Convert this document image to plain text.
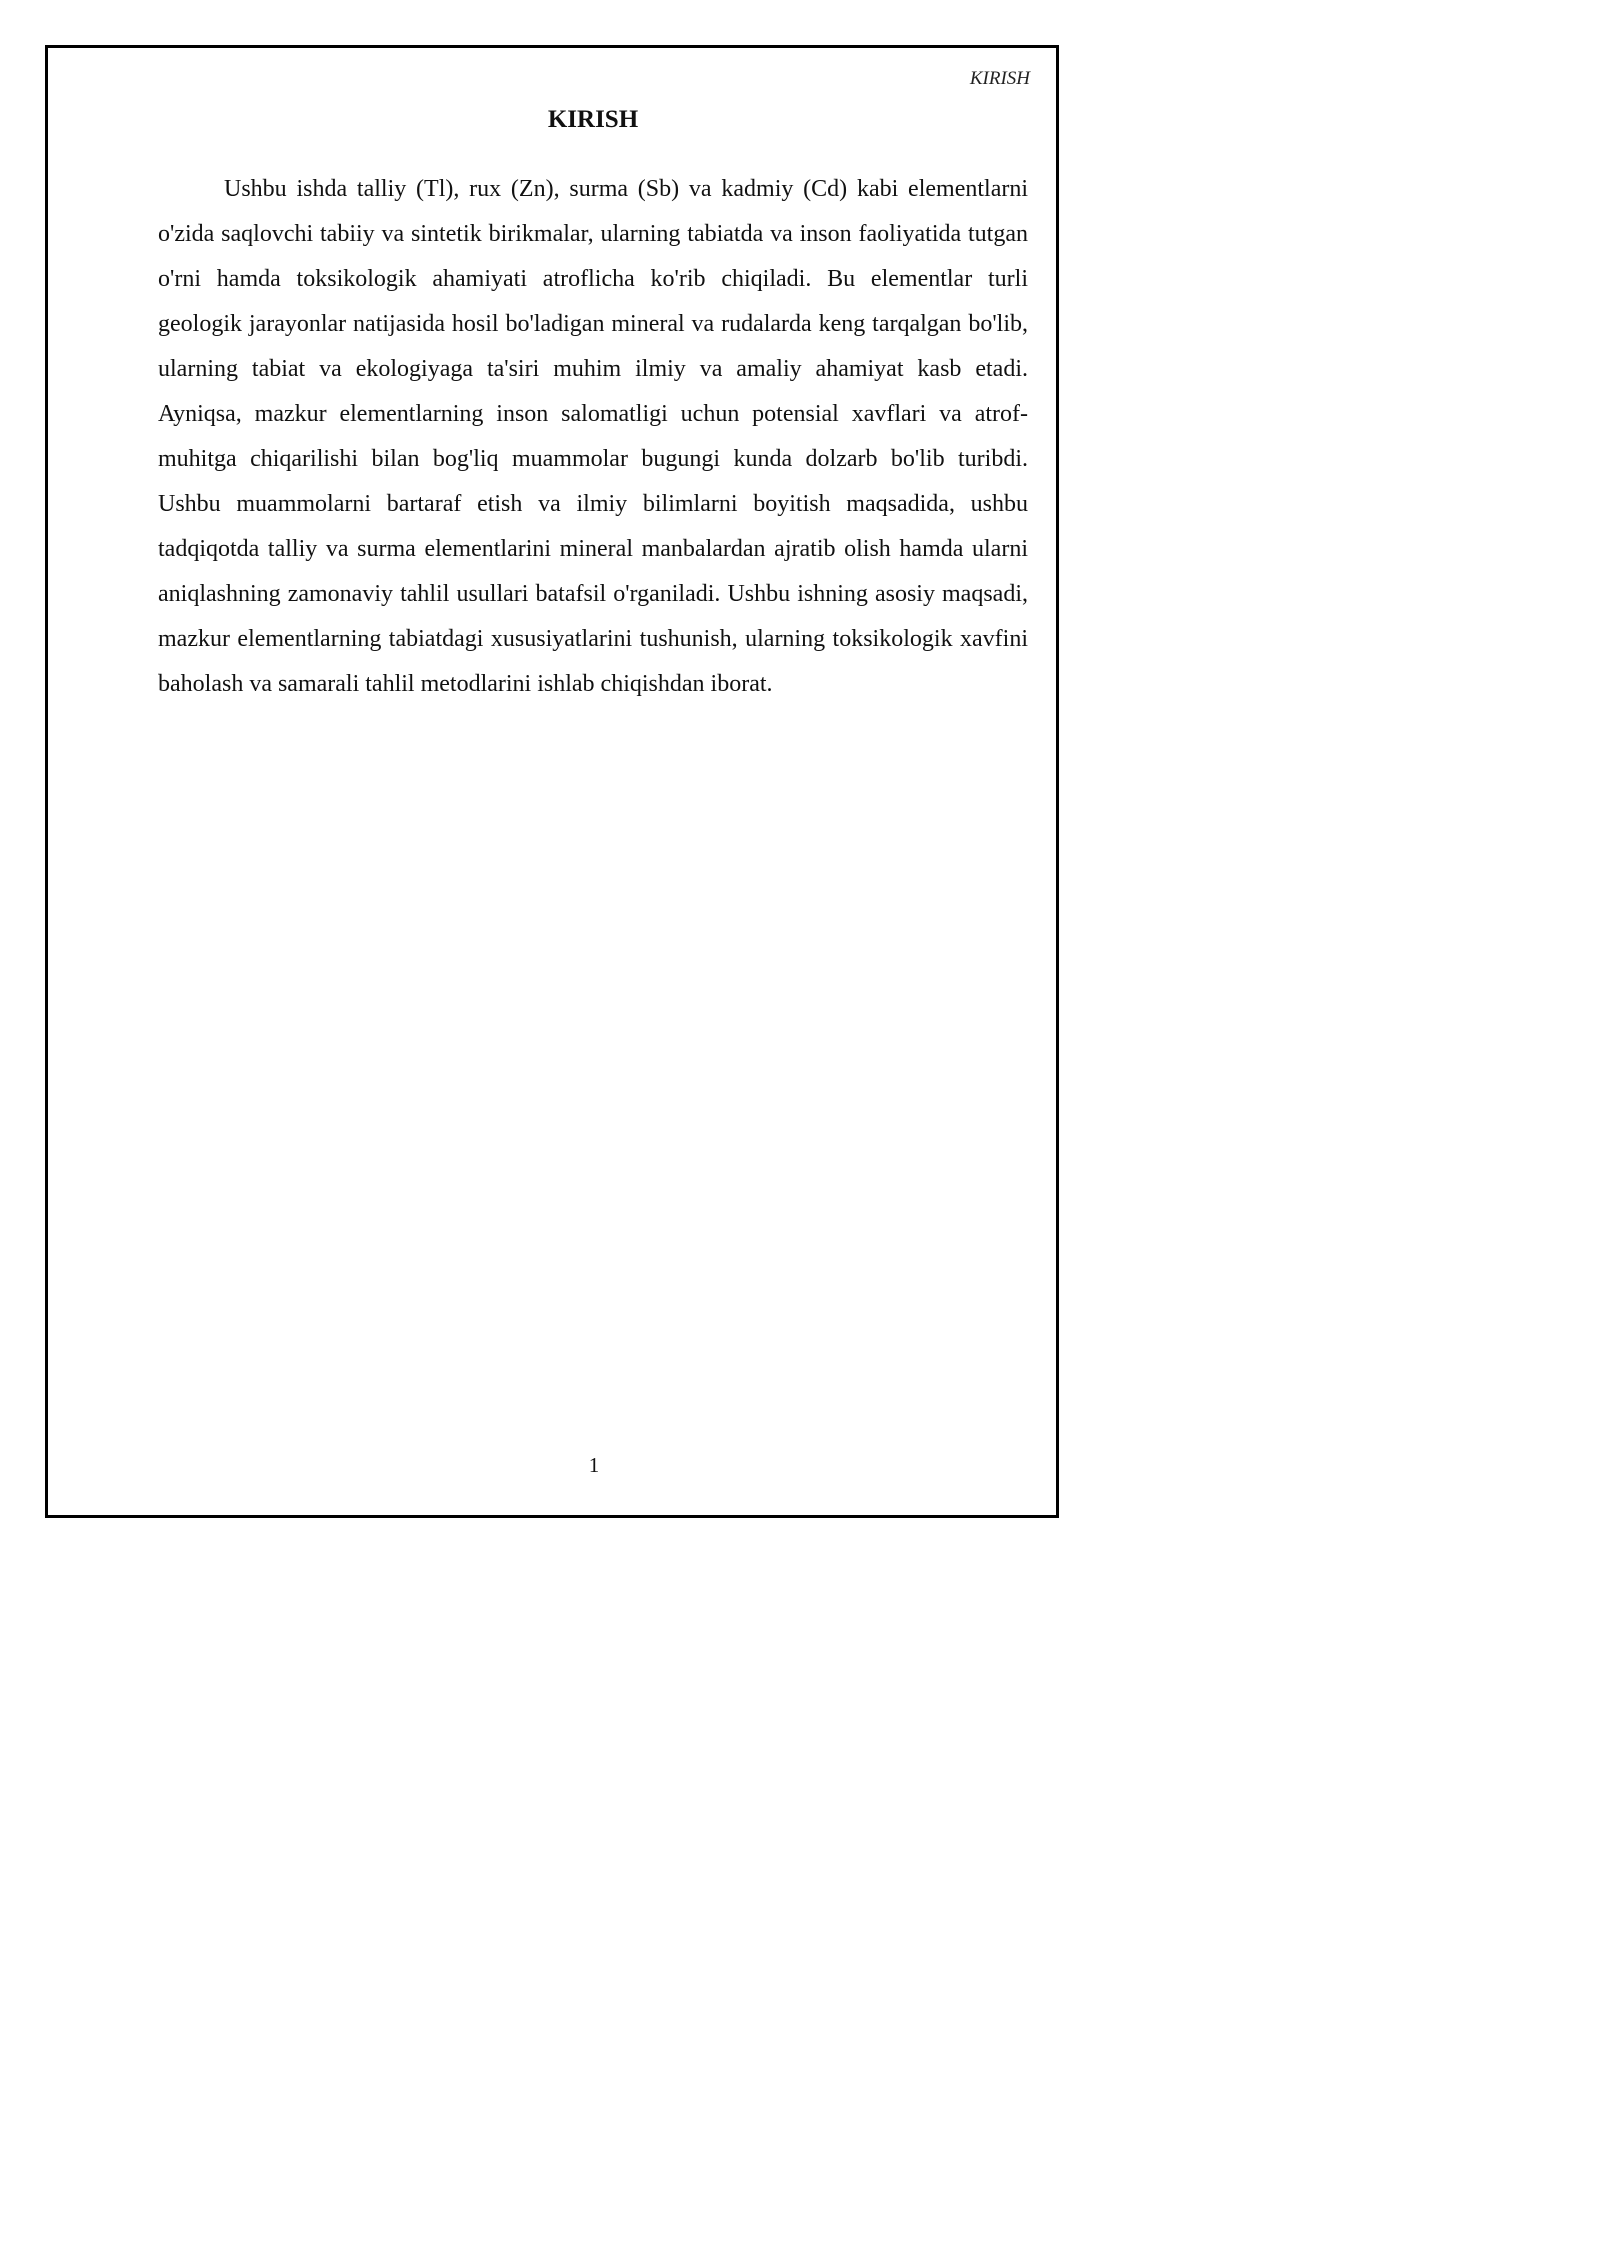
KIRISH
KIRISH

Ushbu ishda talliy (Tl), rux (Zn), surma (Sb) va kadmiy (Cd) kabi elementlarni o'zida saqlovchi tabiiy va sintetik birikmalar, ularning tabiatda va inson faoliyatida tutgan o'rni hamda toksikologik ahamiyati atroflicha ko'rib chiqiladi. Bu elementlar turli geologik jarayonlar natijasida hosil bo'ladigan mineral va rudalarda keng tarqalgan bo'lib, ularning tabiat va ekologiyaga ta'siri muhim ilmiy va amaliy ahamiyat kasb etadi. Ayniqsa, mazkur elementlarning inson salomatligi uchun potensial xavflari va atrof-muhitga chiqarilishi bilan bog'liq muammolar bugungi kunda dolzarb bo'lib turibdi. Ushbu muammolarni bartaraf etish va ilmiy bilimlarni boyitish maqsadida, ushbu tadqiqotda talliy va surma elementlarini mineral manbalardan ajratib olish hamda ularni aniqlashning zamonaviy tahlil usullari batafsil o'rganiladi. Ushbu ishning asosiy maqsadi, mazkur elementlarning tabiatdagi xususiyatlarini tushunish, ularning toksikologik xavfini baholash va samarali tahlil metodlarini ishlab chiqishdan iborat.

1
